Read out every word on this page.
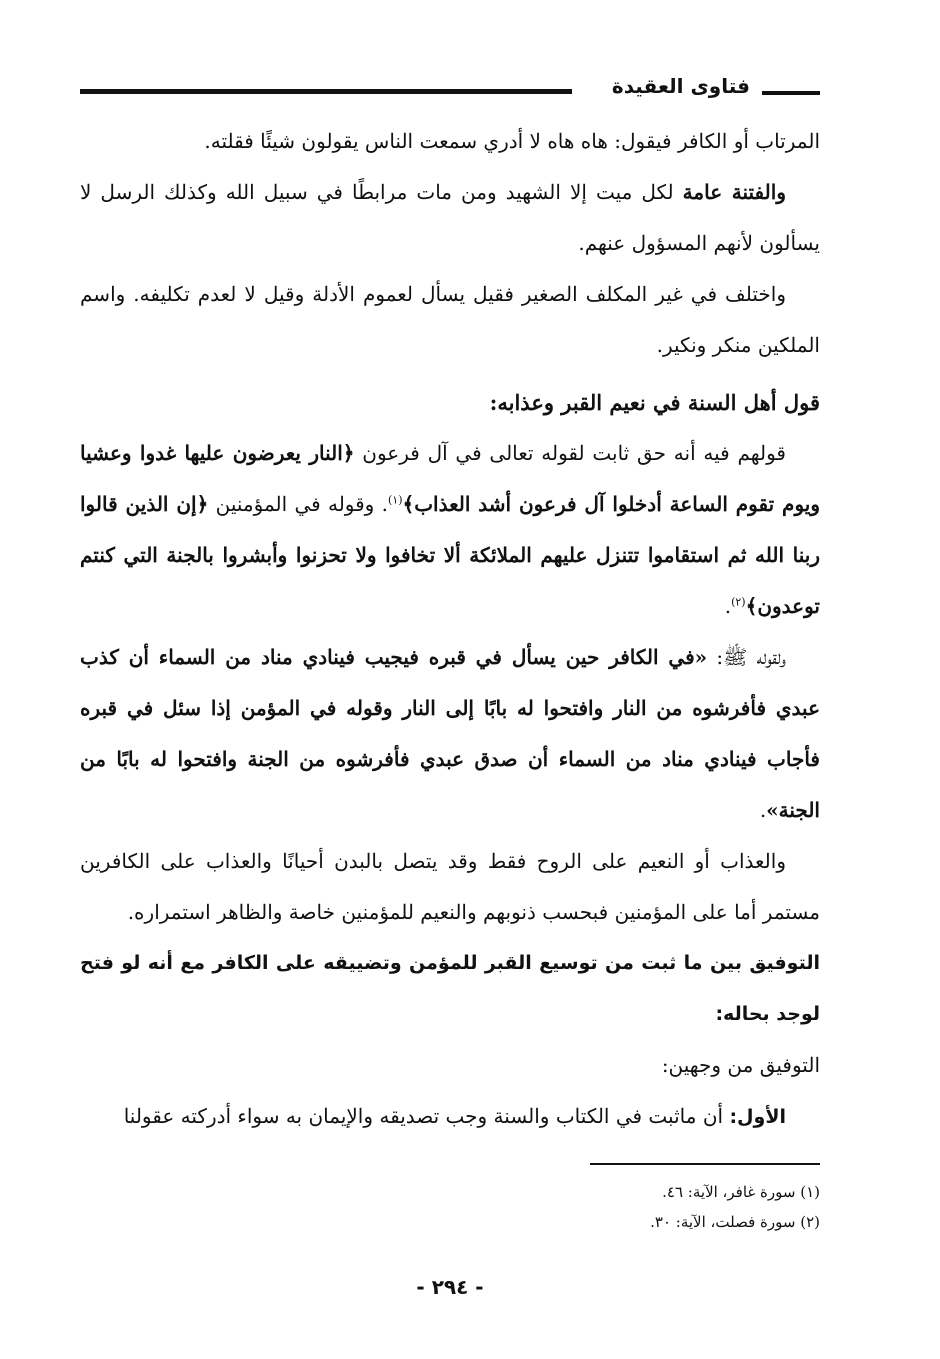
فتاوى العقيدة

المرتاب أو الكافر فيقول: هاه هاه لا أدري سمعت الناس يقولون شيئًا فقلته.

والفتنة عامة لكل ميت إلا الشهيد ومن مات مرابطًا في سبيل الله وكذلك الرسل لا يسألون لأنهم المسؤول عنهم.

واختلف في غير المكلف الصغير فقيل يسأل لعموم الأدلة وقيل لا لعدم تكليفه. واسم الملكين منكر ونكير.

قول أهل السنة في نعيم القبر وعذابه:

قولهم فيه أنه حق ثابت لقوله تعالى في آل فرعون ﴿النار يعرضون عليها غدوا وعشيا ويوم تقوم الساعة أدخلوا آل فرعون أشد العذاب﴾$^{(١)}$. وقوله في المؤمنين ﴿إن الذين قالوا ربنا الله ثم استقاموا تتنزل عليهم الملائكة ألا تخافوا ولا تحزنوا وأبشروا بالجنة التي كنتم توعدون﴾$^{(٢)}$.

ولقوله ﷺ: «في الكافر حين يسأل في قبره فيجيب فينادي مناد من السماء أن كذب عبدي فأفرشوه من النار وافتحوا له بابًا إلى النار وقوله في المؤمن إذا سئل في قبره فأجاب فينادي مناد من السماء أن صدق عبدي فأفرشوه من الجنة وافتحوا له بابًا من الجنة».

والعذاب أو النعيم على الروح فقط وقد يتصل بالبدن أحيانًا والعذاب على الكافرين مستمر أما على المؤمنين فبحسب ذنوبهم والنعيم للمؤمنين خاصة والظاهر استمراره.

التوفيق بين ما ثبت من توسيع القبر للمؤمن وتضييقه على الكافر مع أنه لو فتح لوجد بحاله:

التوفيق من وجهين:

الأول: أن ماثبت في الكتاب والسنة وجب تصديقه والإيمان به سواء أدركته عقولنا

(١) سورة غافر، الآية: ٤٦.

(٢) سورة فصلت، الآية: ٣٠.

- ٢٩٤ -
